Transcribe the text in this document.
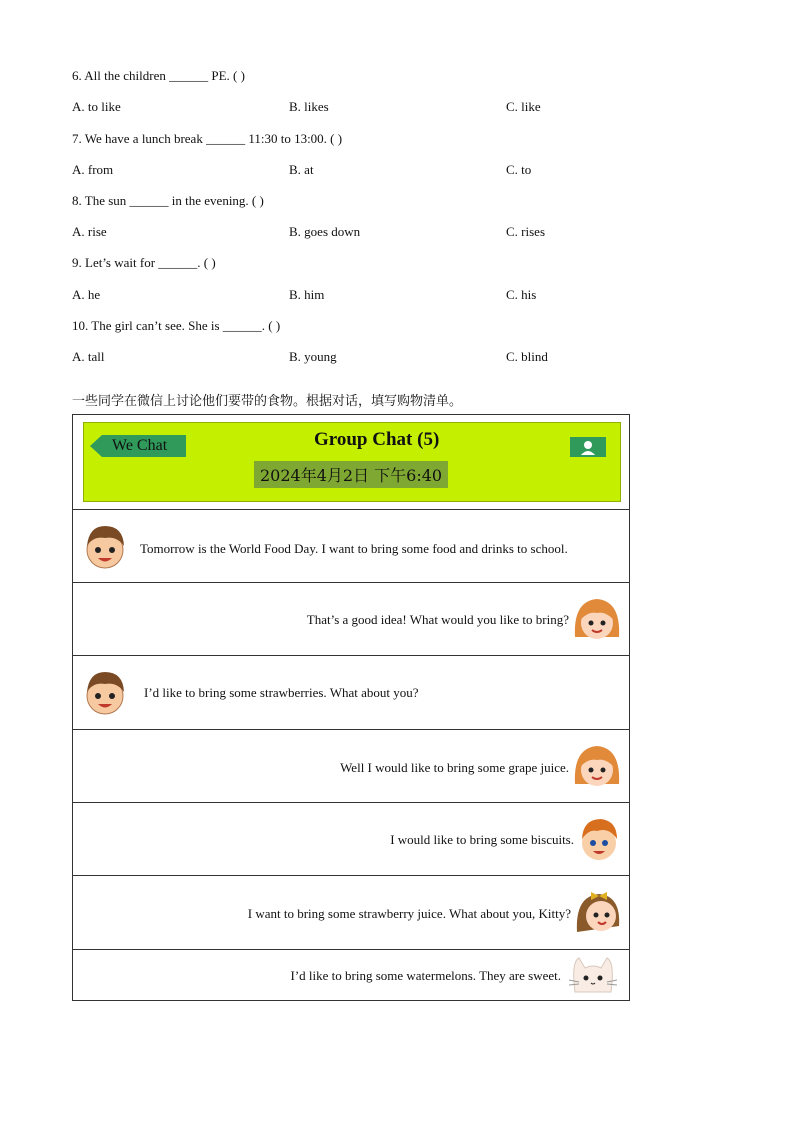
6. All the children ______ PE. ( )
A. to like	B. likes	C. like
7. We have a lunch break ______ 11:30 to 13:00. ( )
A. from	B. at	C. to
8. The sun ______ in the evening. ( )
A. rise	B. goes down	C. rises
9. Let’s wait for ______. ( )
A. he	B. him	C. his
10. The girl can’t see. She is ______. ( )
A. tall	B. young	C. blind
一些同学在微信上讨论他们要带的食物。根据对话，填写购物清单。
We Chat	Group Chat (5)
2024年4月2日 下午6:40
Tomorrow is the World Food Day. I want to bring some food and drinks to school.
That’s a good idea! What would you like to bring?
I’d like to bring some strawberries. What about you?
Well I would like to bring some grape juice.
I would like to bring some biscuits.
I want to bring some strawberry juice. What about you, Kitty?
I’d like to bring some watermelons. They are sweet.
